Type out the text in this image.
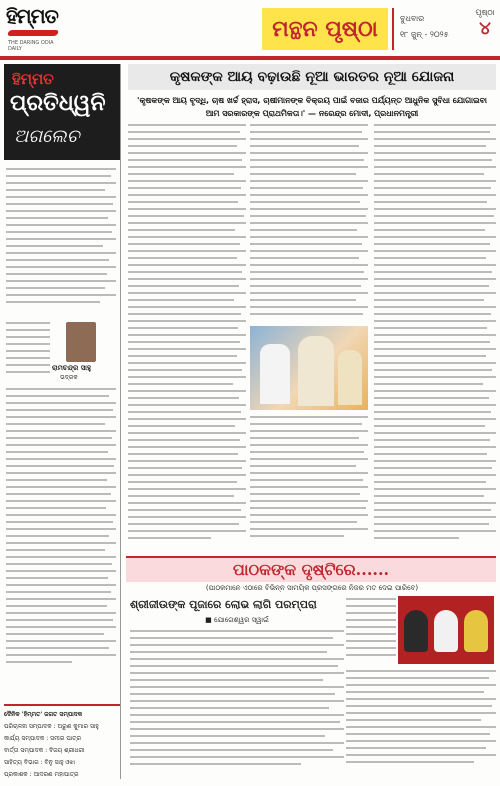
ହିମ୍ମତ
THE DARING ODIA DAILY
ମନ୍ଥନ ପୃଷ୍ଠା	ବୁଧବାର
୧୮ ଜୁନ୍ - ୨୦୨୫
ପୃଷ୍ଠା
୪
ହିମ୍ମତ
ପ୍ରତିଧ୍ୱନି
ଅଗଲେଚ
ରାମଚନ୍ଦ୍ର ସାହୁ
ଭଦ୍ରକ
ଦୈନିକ 'ହିମ୍ମତ' ଜଗତ ସମ୍ପାଦକ
ପରିଚାଳନା ସମ୍ପାଦକ : ଅରୁଣ କୁମାର ସାହୁ
କାର୍ଯ୍ୟ ସମ୍ପାଦକ : ସମୀର ପାତ୍ର
ବାର୍ତ୍ତା ସମ୍ପାଦକ : ବିଜୟ ଶ୍ରୀଧରୀ
ସାହିତ୍ୟ ବିଭାଗ : ବିନୁ ସାହୁ ଓଝା
ପ୍ରକାଶକ : ଆଦରଣ ମହାପାତ୍ର
କୃଷକଙ୍କ ଆୟ ବଢ଼ାଉଛି ନୂଆ ଭାରତର ନୂଆ ଯୋଜନା
'କୃଷକଙ୍କ ଆୟ ବୃଦ୍ଧି, ଚାଷ ଖର୍ଚ୍ଚ ହ୍ରାସ, ଚାଷୀମାନଙ୍କ ବିକ୍ରୟ ପାଇଁ ବଜାର ପର୍ଯ୍ୟନ୍ତ ଆଧୁନିକ ସୁବିଧା ଯୋଗାଇବା ଆମ ସରକାରଙ୍କ ପ୍ରାଥମିକତା।' — ନରେନ୍ଦ୍ର ମୋଦୀ, ପ୍ରଧାନମନ୍ତ୍ରୀ
ପାଠକଙ୍କ ଦୃଷ୍ଟିରେ......
(ପାଠକମାନେ ଏଠାରେ ବିଭିନ୍ନ ସାମୟିକ ପ୍ରସଙ୍ଗରେ ନିଜର ମତ ଦେଇ ପାରିବେ)
ଶ୍ରୀଜୀଉଙ୍କ ପୂଜାରେ ଲୋଭ ଲାଗି ପରମ୍ପରା
■ ଯୋଗେଶ୍ୱର ସ୍ୱାଇଁ
